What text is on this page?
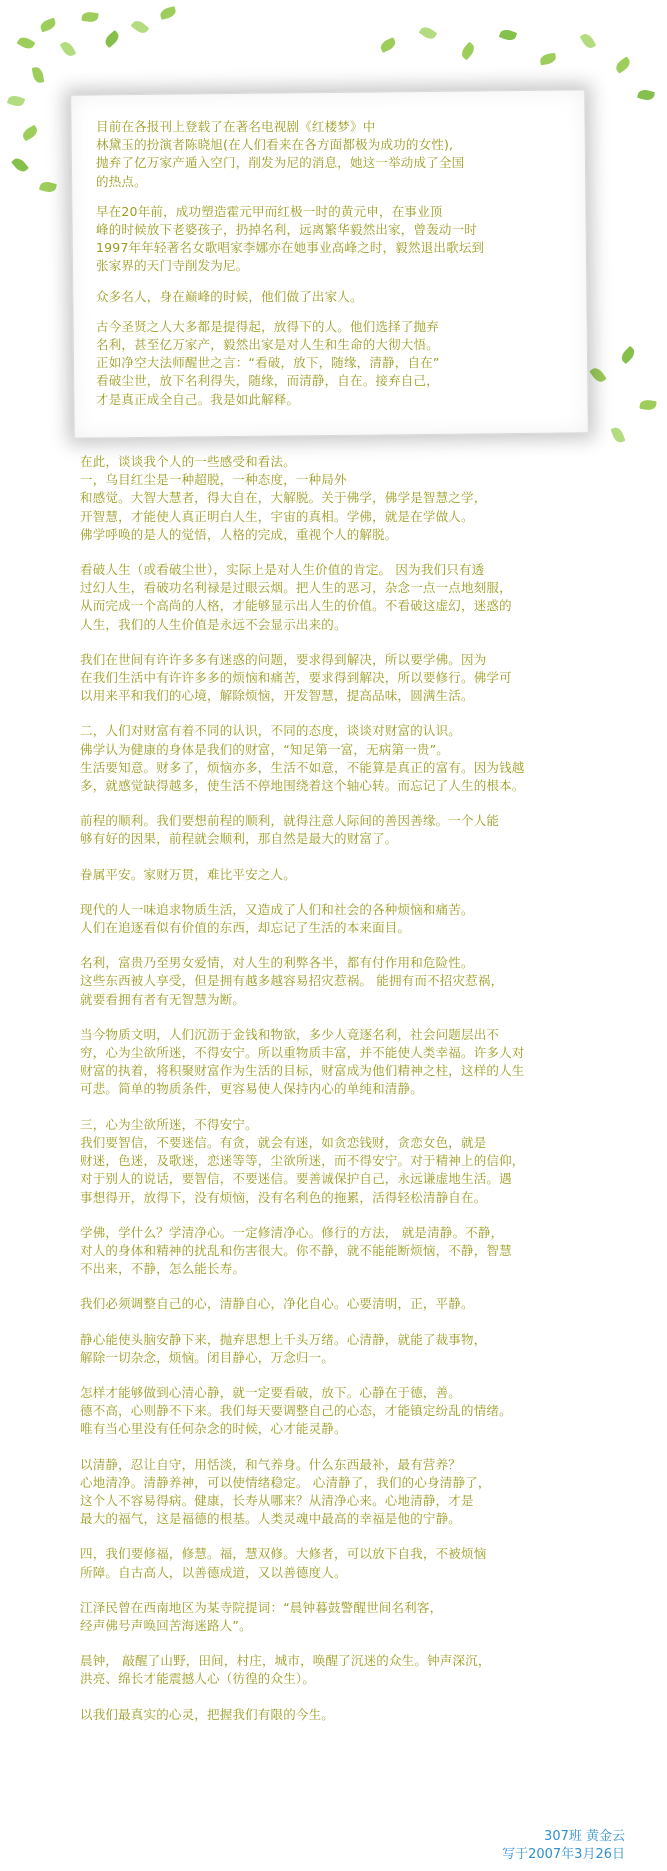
目前在各报刊上登载了在著名电视剧《红楼梦》中
林黛玉的扮演者陈晓旭(在人们看来在各方面都极为成功的女性),
抛弃了亿万家产遁入空门，削发为尼的消息，她这一举动成了全国
的热点。

早在20年前，成功塑造霍元甲而红极一时的黄元申，在事业顶
峰的时候放下老婆孩子，扔掉名利，远离繁华毅然出家，曾轰动一时
1997年年轻著名女歌唱家李娜亦在她事业高峰之时，毅然退出歌坛到
张家界的天门寺削发为尼。

众多名人，身在巅峰的时候，他们做了出家人。

古今圣贤之人大多都是提得起，放得下的人。他们选择了抛弃
名利，甚至亿万家产，毅然出家是对人生和生命的大彻大悟。
正如净空大法师醒世之言：“看破，放下，随缘，清静，自在”
看破尘世，放下名利得失，随缘，而清静，自在。接弃自己，
才是真正成全自己。我是如此解释。

在此，谈谈我个人的一些感受和看法。
一，乌目红尘是一种超脱，一种态度，一种局外
和感觉。大智大慧者，得大自在，大解脱。关于佛学，佛学是智慧之学，
开智慧，才能使人真正明白人生，宇宙的真相。学佛，就是在学做人。
佛学呼唤的是人的觉悟，人格的完成，重视个人的解脱。

看破人生（或看破尘世），实际上是对人生价值的肯定。 因为我们只有透
过幻人生，看破功名利禄是过眼云烟。把人生的恶习，杂念一点一点地刻服，
从而完成一个高尚的人格，才能够显示出人生的价值。不看破这虚幻，迷惑的
人生，我们的人生价值是永远不会显示出来的。

我们在世间有许许多多有迷惑的问题，要求得到解决，所以要学佛。因为
在我们生活中有许许多多的烦恼和痛苦，要求得到解决，所以要修行。佛学可
以用来平和我们的心境，解除烦恼，开发智慧，提高品味，圆满生活。

二，人们对财富有着不同的认识，不同的态度，谈谈对财富的认识。
佛学认为健康的身体是我们的财富，“知足第一富，无病第一贵”。
生活要知意。财多了，烦恼亦多，生活不如意，不能算是真正的富有。因为钱越
多，就感觉缺得越多，使生活不停地围绕着这个轴心转。而忘记了人生的根本。

前程的顺利。我们要想前程的顺利，就得注意人际间的善因善缘。一个人能
够有好的因果，前程就会顺利，那自然是最大的财富了。

眷属平安。家财万贯，难比平安之人。

现代的人一味追求物质生活，又造成了人们和社会的各种烦恼和痛苦。
人们在追逐看似有价值的东西，却忘记了生活的本来面目。

名利，富贵乃至男女爱情，对人生的利弊各半，都有付作用和危险性。
这些东西被人享受，但是拥有越多越容易招灾惹祸。 能拥有而不招灾惹祸，
就要看拥有者有无智慧为断。

当今物质文明，人们沉沥于金钱和物欲，多少人竟逐名利，社会问题层出不
穷，心为尘欲所迷，不得安宁。所以重物质丰富，并不能使人类幸福。许多人对
财富的执着，将积聚财富作为生活的目标，财富成为他们精神之柱，这样的人生
可悲。简单的物质条件，更容易使人保持内心的单纯和清静。

三，心为尘欲所迷，不得安宁。
我们要智信，不要迷信。有贪，就会有迷，如贪恋钱财，贪恋女色，就是
财迷，色迷，及歌迷，恋迷等等，尘欲所迷，而不得安宁。对于精神上的信仰，
对于别人的说话，要智信，不要迷信。要善诚保护自己，永远谦虚地生活。遇
事想得开，放得下，没有烦恼，没有名利色的拖累，活得轻松清静自在。

学佛，学什么？学清净心。一定修清净心。修行的方法， 就是清静。不静，
对人的身体和精神的扰乱和伤害很大。你不静，就不能能断烦恼，不静，智慧
不出来，不静，怎么能长寿。

我们必须调整自己的心，清静自心，净化自心。心要清明，正，平静。

静心能使头脑安静下来，抛弃思想上千头万绪。心清静，就能了裁事物，
解除一切杂念，烦恼。闭目静心，万念归一。

怎样才能够做到心清心静，就一定要看破，放下。心静在于德，善。
德不高，心则静不下来。我们每天要调整自己的心态，才能镇定纷乱的情绪。
唯有当心里没有任何杂念的时候，心才能灵静。

以清静，忍让自守，用恬淡，和气养身。什么东西最补，最有营养？
心地清净。清静养神，可以使情绪稳定。 心清静了，我们的心身清静了，
这个人不容易得病。健康，长寿从哪来？从清净心来。心地清静，才是
最大的福气，这是福德的根基。人类灵魂中最高的幸福是他的宁静。

四，我们要修福，修慧。福，慧双修。大修者，可以放下自我，不被烦恼
所障。自古高人，以善德成道，又以善德度人。

江泽民曾在西南地区为某寺院提词：“晨钟暮鼓警醒世间名利客，
经声佛号声唤回苦海迷路人”。

晨钟， 敲醒了山野，田间，村庄，城市，唤醒了沉迷的众生。钟声深沉，
洪亮、绵长才能震撼人心（彷徨的众生）。

以我们最真实的心灵，把握我们有限的今生。

307班 黄金云
写于2007年3月26日
